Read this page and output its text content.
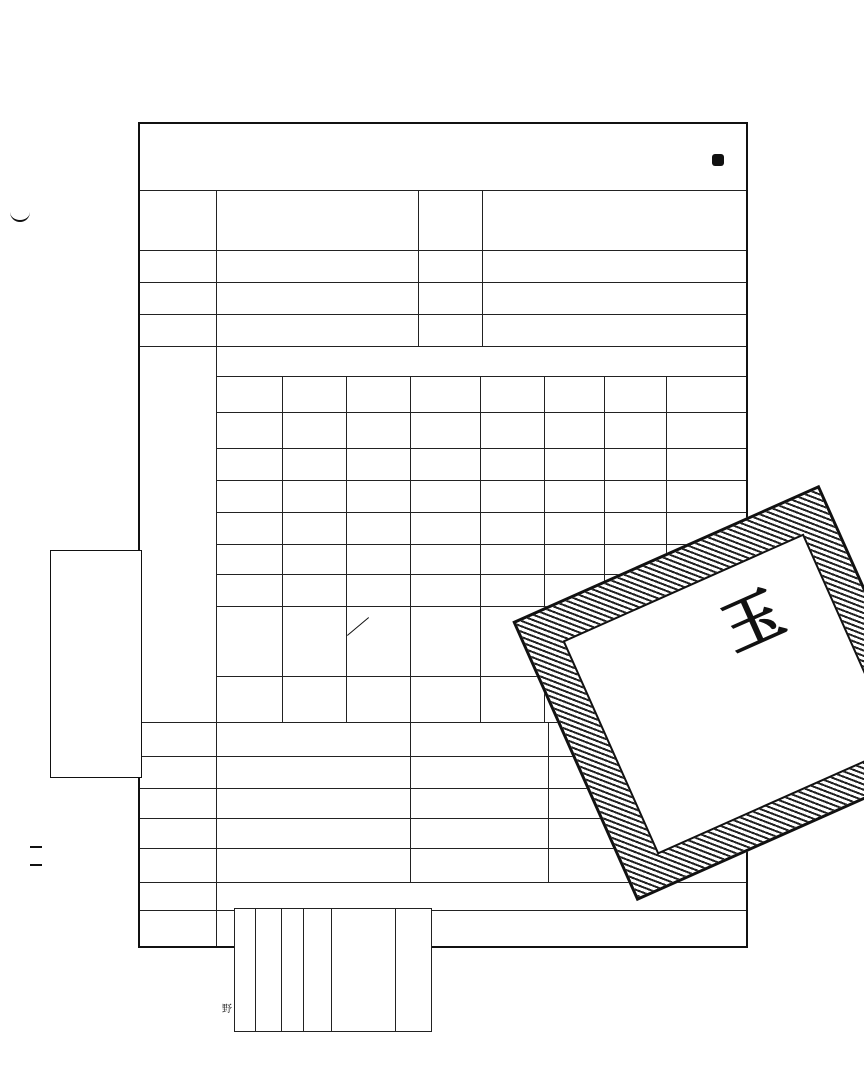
野

玉
